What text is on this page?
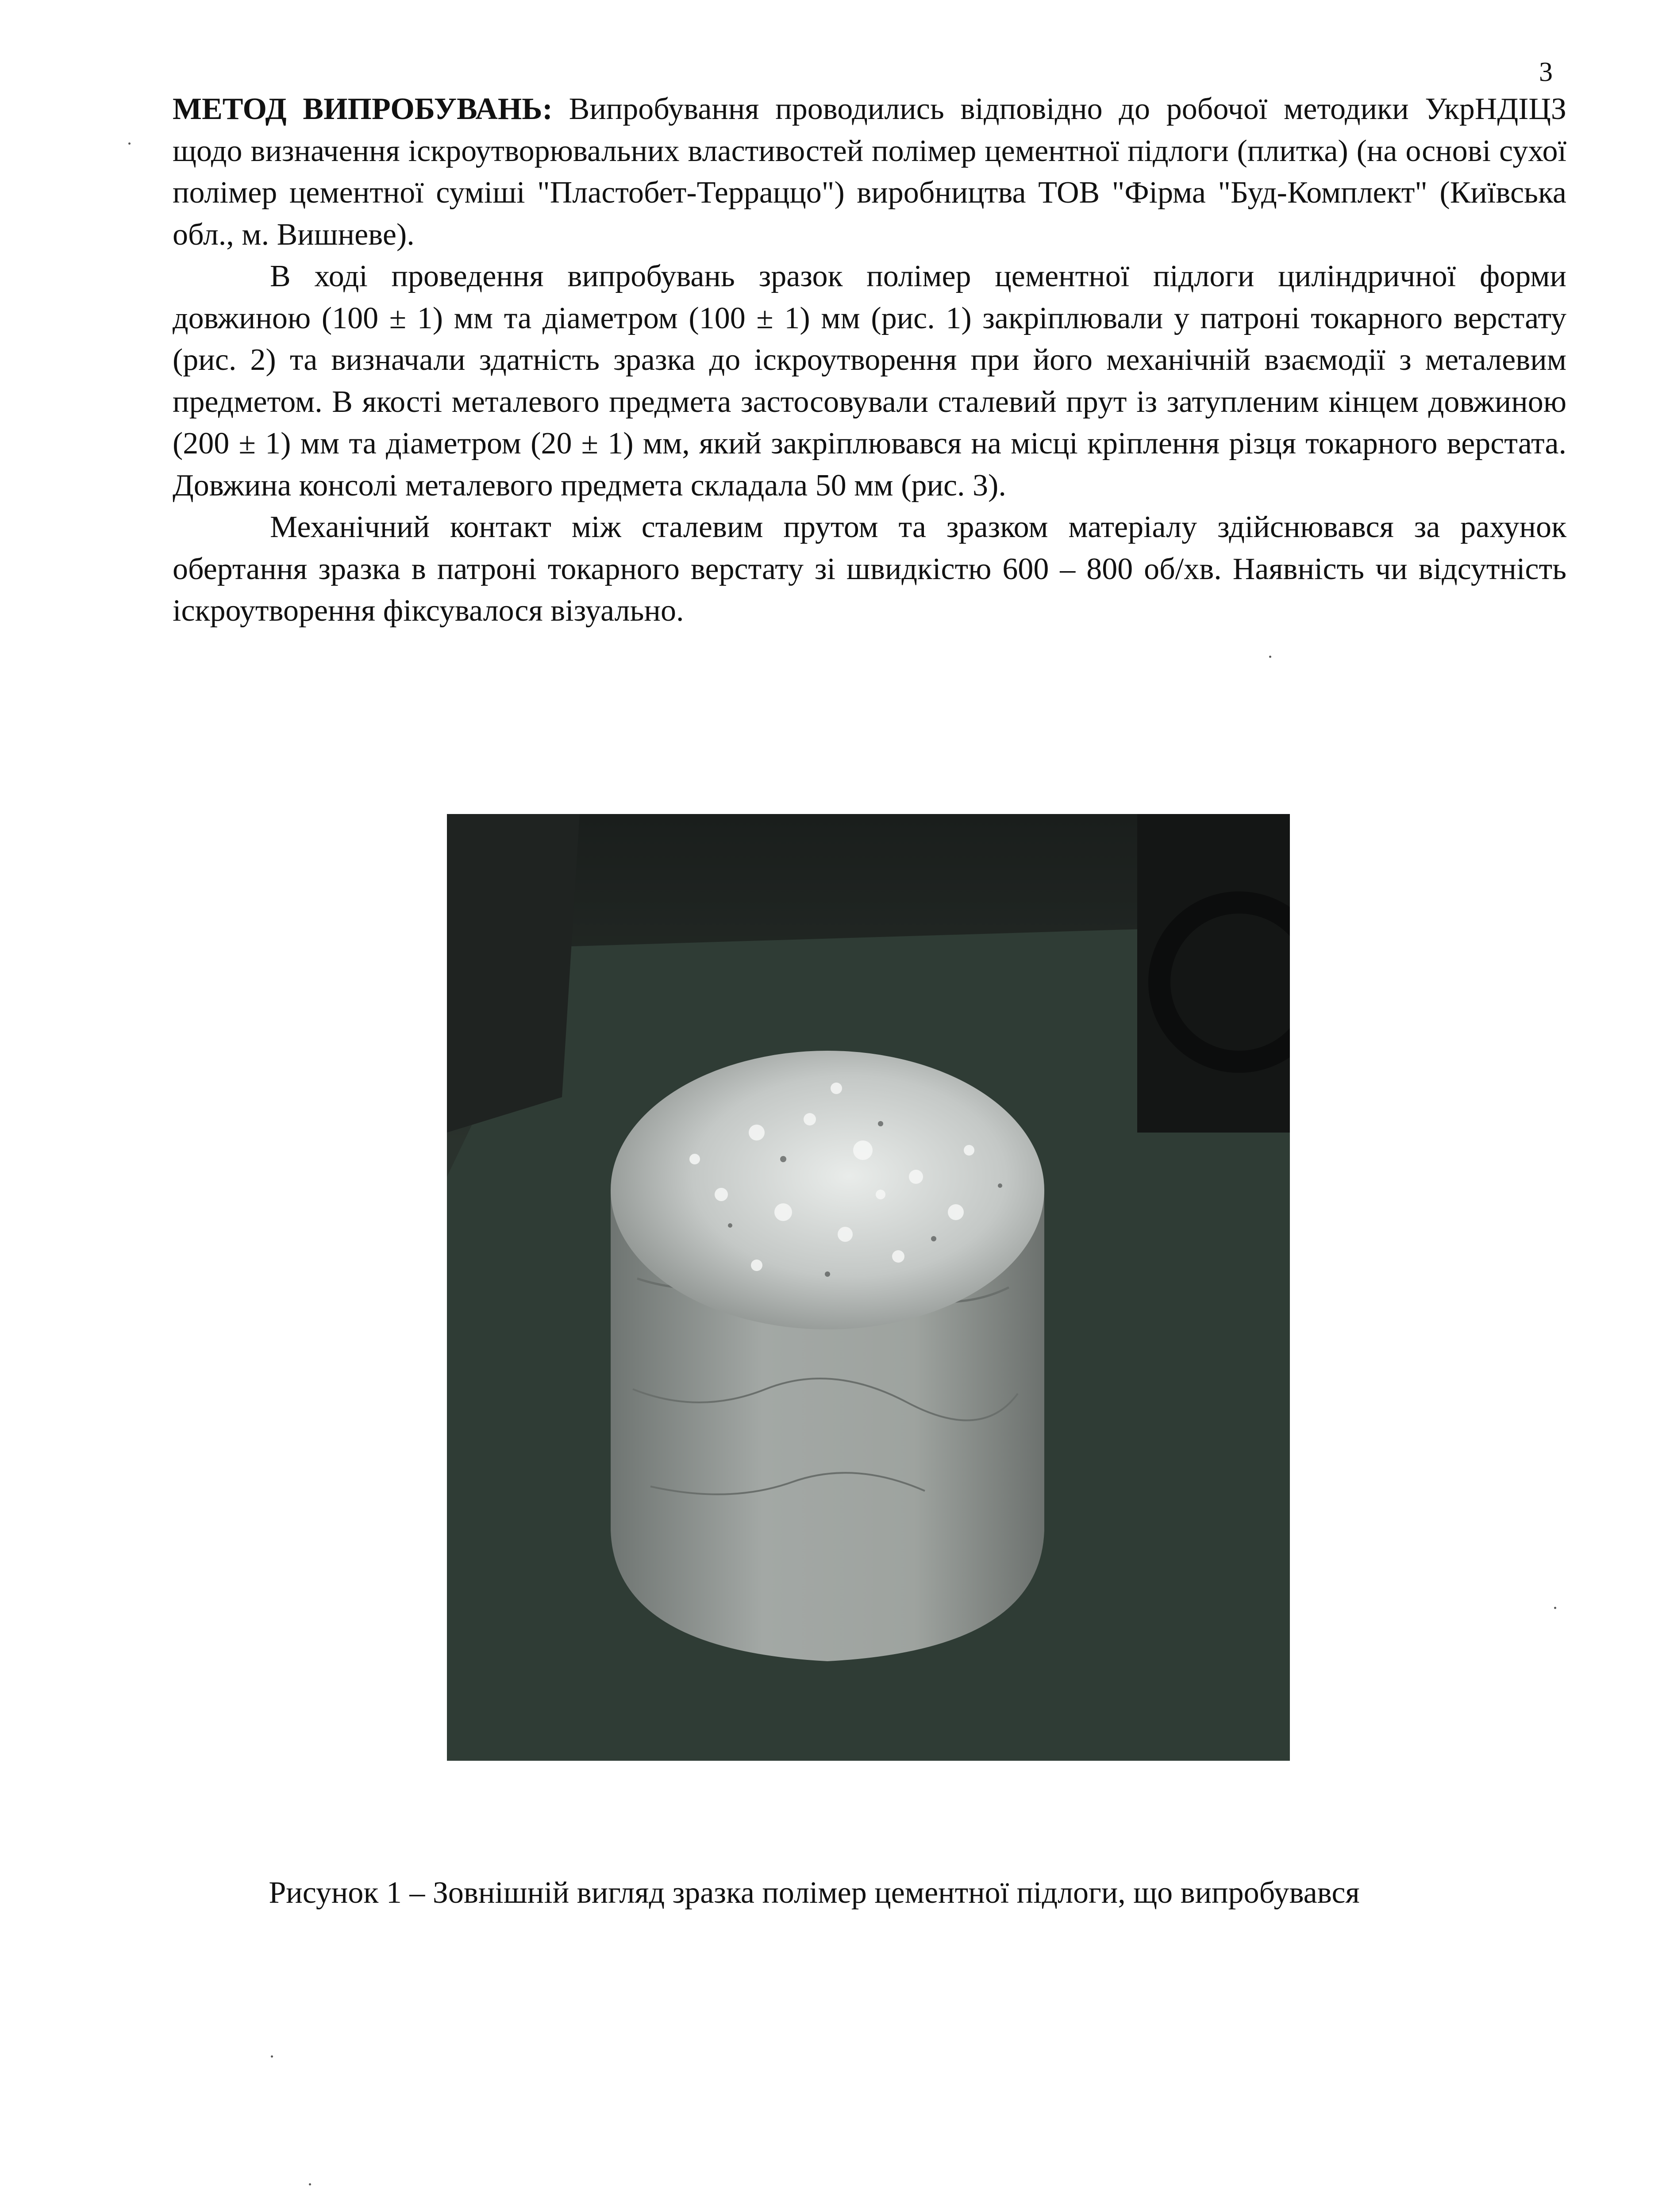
3

МЕТОД ВИПРОБУВАНЬ: Випробування проводились відповідно до робочої методики УкрНДІЦЗ щодо визначення іскроутворювальних властивостей полімер цементної підлоги (плитка) (на основі сухої полімер цементної суміші "Пластобет-Терраццо") виробництва ТОВ "Фірма "Буд-Комплект" (Київська обл., м. Вишневе).

В ході проведення випробувань зразок полімер цементної підлоги циліндричної форми довжиною (100 ± 1) мм та діаметром (100 ± 1) мм (рис. 1) закріплювали у патроні токарного верстату (рис. 2) та визначали здатність зразка до іскроутворення при його механічній взаємодії з металевим предметом. В якості металевого предмета застосовували сталевий прут із затупленим кінцем довжиною (200 ± 1) мм та діаметром (20 ± 1) мм, який закріплювався на місці кріплення різця токарного верстата. Довжина консолі металевого предмета складала 50 мм (рис. 3).

Механічний контакт між сталевим прутом та зразком матеріалу здійснювався за рахунок обертання зразка в патроні токарного верстату зі швидкістю 600 – 800 об/хв. Наявність чи відсутність іскроутворення фіксувалося візуально.

Рисунок 1 – Зовнішній вигляд зразка полімер цементної підлоги, що випробувався
